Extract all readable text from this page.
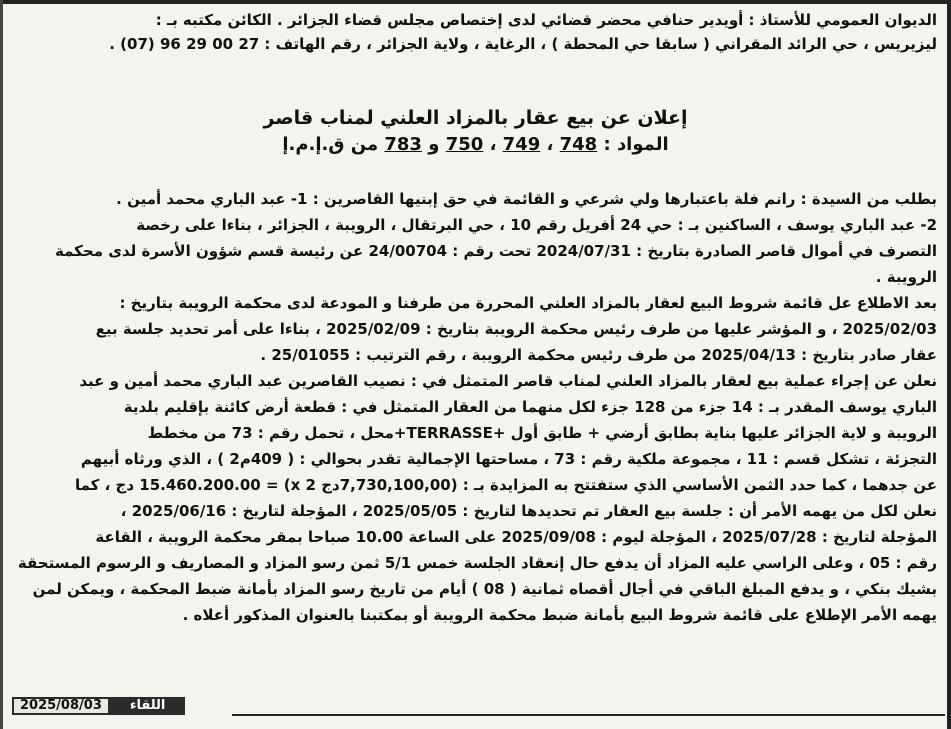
الديوان العمومي للأستاذ : أويدير حنافي محضر قضائي لدى إختصاص مجلس قضاء الجزائر . الكائن مكتبه بـ :
ليزيريس ، حي الرائد المقراني ( سابقا حي المحطة ) ، الرغاية ، ولاية الجزائر ، رقم الهاتف : 27 00 29 96 (07) .
إعلان عن بيع عقار بالمزاد العلني لمناب قاصر
المواد : 748 ، 749 ، 750 و 783 من ق.إ.م.إ
بطلب من السيدة : رانم فلة باعتبارها ولي شرعي و القائمة في حق إبنيها القاصرين : 1- عبد الباري محمد أمين .
2- عبد الباري يوسف ، الساكنين بـ : حي 24 أفريل رقم 10 ، حي البرتقال ، الرويبة ، الجزائر ، بناءا على رخصة
التصرف في أموال قاصر الصادرة بتاريخ : 2024/07/31 تحت رقم : 24/00704 عن رئيسة قسم شؤون الأسرة لدى محكمة
الرويبة .
بعد الاطلاع عل قائمة شروط البيع لعقار بالمزاد العلني المحررة من طرفنا و المودعة لدى محكمة الرويبة بتاريخ :
2025/02/03 ، و المؤشر عليها من طرف رئيس محكمة الرويبة بتاريخ : 2025/02/09 ، بناءا على أمر تحديد جلسة بيع
عقار صادر بتاريخ : 2025/04/13 من طرف رئيس محكمة الرويبة ، رقم الترتيب : 25/01055 .
نعلن عن إجراء عملية بيع لعقار بالمزاد العلني لمناب قاصر المتمثل في : نصيب القاصرين عبد الباري محمد أمين و عبد
الباري يوسف المقدر بـ : 14 جزء من 128 جزء لكل منهما من العقار المتمثل في : قطعة أرض كائنة بإقليم بلدية
الرويبة و لاية الجزائر عليها بناية بطابق أرضي + طابق أول +TERRASSE+محل ، تحمل رقم : 73 من مخطط
التجزئة ، تشكل قسم : 11 ، مجموعة ملكية رقم : 73 ، مساحتها الإجمالية تقدر بحوالي : ( 409م2 ) ، الذي ورثاه أبيهم
عن جدهما ، كما حدد الثمن الأساسي الذي ستفتتح به المزايدة بـ : (7,730,100,00دج x 2) = 15.460.200.00 دج ، كما
نعلن لكل من يهمه الأمر أن : جلسة بيع العقار تم تحديدها لتاريخ : 2025/05/05 ، المؤجلة لتاريخ : 2025/06/16 ،
المؤجلة لتاريخ : 2025/07/28 ، المؤجلة ليوم : 2025/09/08 على الساعة 10.00 صباحا بمقر محكمة الرويبة ، القاعة
رقم : 05 ، وعلى الراسي عليه المزاد أن يدفع حال إنعقاد الجلسة خمس 5/1 ثمن رسو المزاد و المصاريف و الرسوم المستحقة
بشيك بنكي ، و يدفع المبلغ الباقي في أجال أقصاه ثمانية ( 08 ) أيام من تاريخ رسو المزاد بأمانة ضبط المحكمة ، ويمكن لمن
يهمه الأمر الإطلاع على قائمة شروط البيع بأمانة ضبط محكمة الرويبة أو بمكتبنا بالعنوان المذكور أعلاه .
2025/08/03	اللقاء
